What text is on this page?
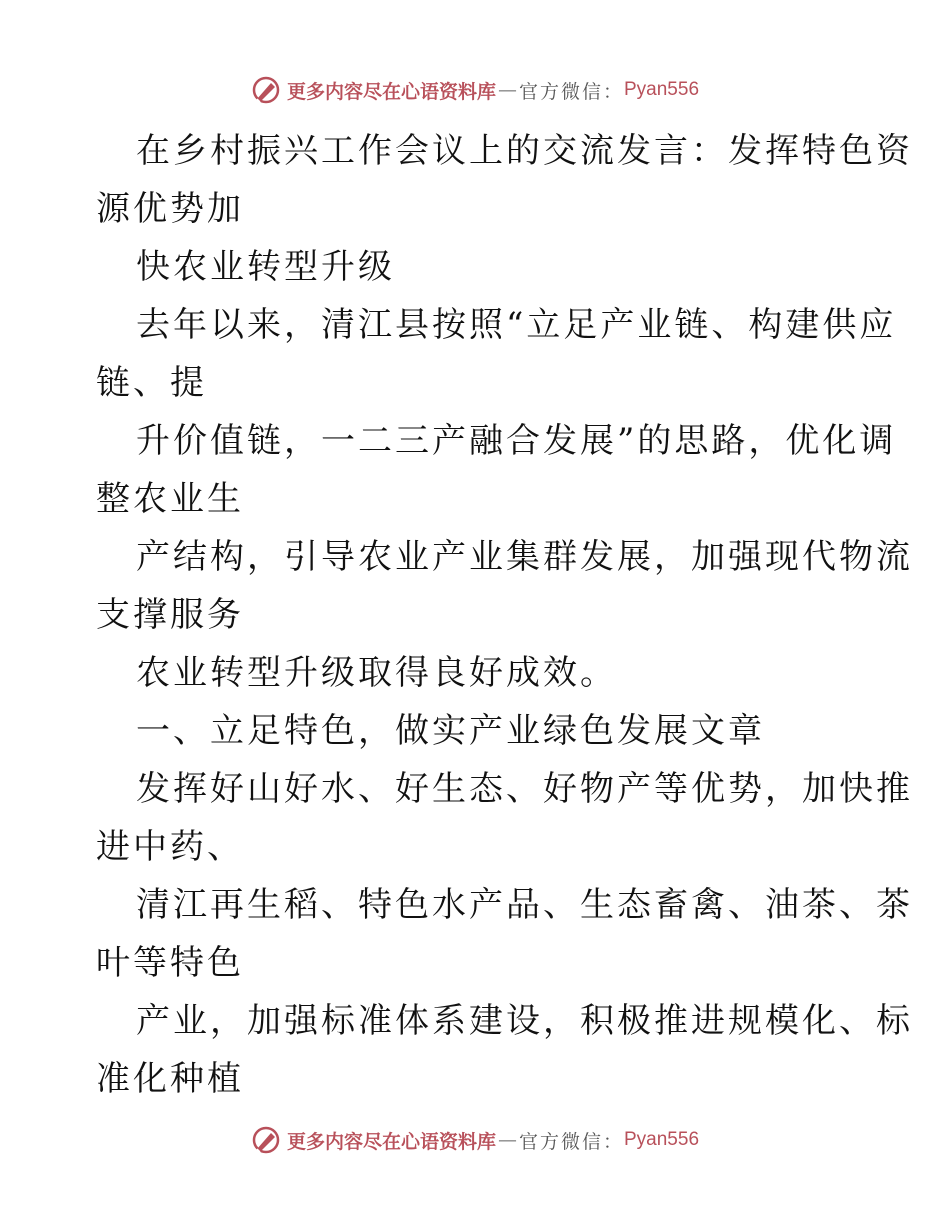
更多内容尽在心语资料库 — 官方微信： Pyan556
在乡村振兴工作会议上的交流发言：发挥特色资
源优势加
快农业转型升级
去年以来，清江县按照“立足产业链、构建供应
链、提
升价值链，一二三产融合发展”的思路，优化调
整农业生
产结构，引导农业产业集群发展，加强现代物流
支撑服务
农业转型升级取得良好成效。
一、立足特色，做实产业绿色发展文章
发挥好山好水、好生态、好物产等优势，加快推
进中药、
清江再生稻、特色水产品、生态畜禽、油茶、茶
叶等特色
产业，加强标准体系建设，积极推进规模化、标
准化种植
更多内容尽在心语资料库 — 官方微信： Pyan556
